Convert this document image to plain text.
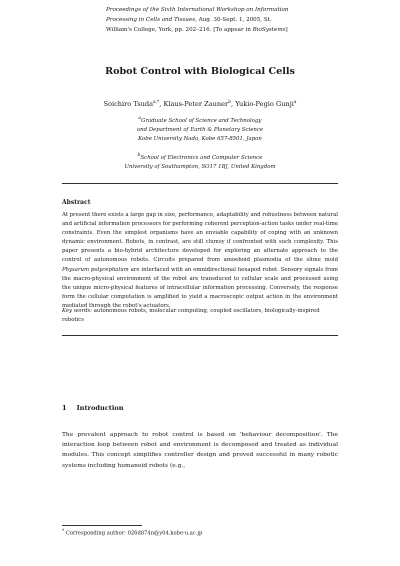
Proceedings of the Sixth International Workshop on Information
Processing in Cells and Tissues, Aug. 30-Sept. 1, 2005, St.
William's College, York, pp. 202–216. [To appear in BioSystems]
Robot Control with Biological Cells
Soichiro Tsuda$^{a,*}$, Klaus-Peter Zauner$^b$, Yukio-Pegio Gunji$^a$
$^a$Graduate School of Science and Technology
and Department of Earth & Planetary Science
Kobe University Nada, Kobe 657-8501, Japan
$^b$School of Electronics and Computer Science
University of Southampton, SO17 1BJ, United Kingdom
Abstract
At present there exists a large gap in size, performance, adaptability and robustness between natural and artificial information processors for performing coherent perception-action tasks under real-time constraints. Even the simplest organisms have an enviable capability of coping with an unknown dynamic environment. Robots, in contrast, are still clumsy if confronted with such complexity. This paper presents a bio-hybrid architecture developed for exploring an alternate approach to the control of autonomous robots. Circuits prepared from amoeboid plasmodia of the slime mold Physarum polycephalum are interfaced with an omnidirectional hexapod robot. Sensory signals from the macro-physical environment of the robot are transduced to cellular scale and processed using the unique micro-physical features of intracellular information processing. Conversely, the response form the cellular computation is amplified to yield a macroscopic output action in the environment mediated through the robot's actuators.
Key words: autonomous robots, molecular computing, coupled oscillators, biologically-inspired robotics
1 Introduction
The prevalent approach to robot control is based on 'behaviour decomposition'. The interaction loop between robot and environment is decomposed and treated as individual modules. This concept simplifies controller design and proved successful in many robotic systems including humanoid robots (e.g.,
* Corresponding author: 026d874n@y04.kobe-u.ac.jp
